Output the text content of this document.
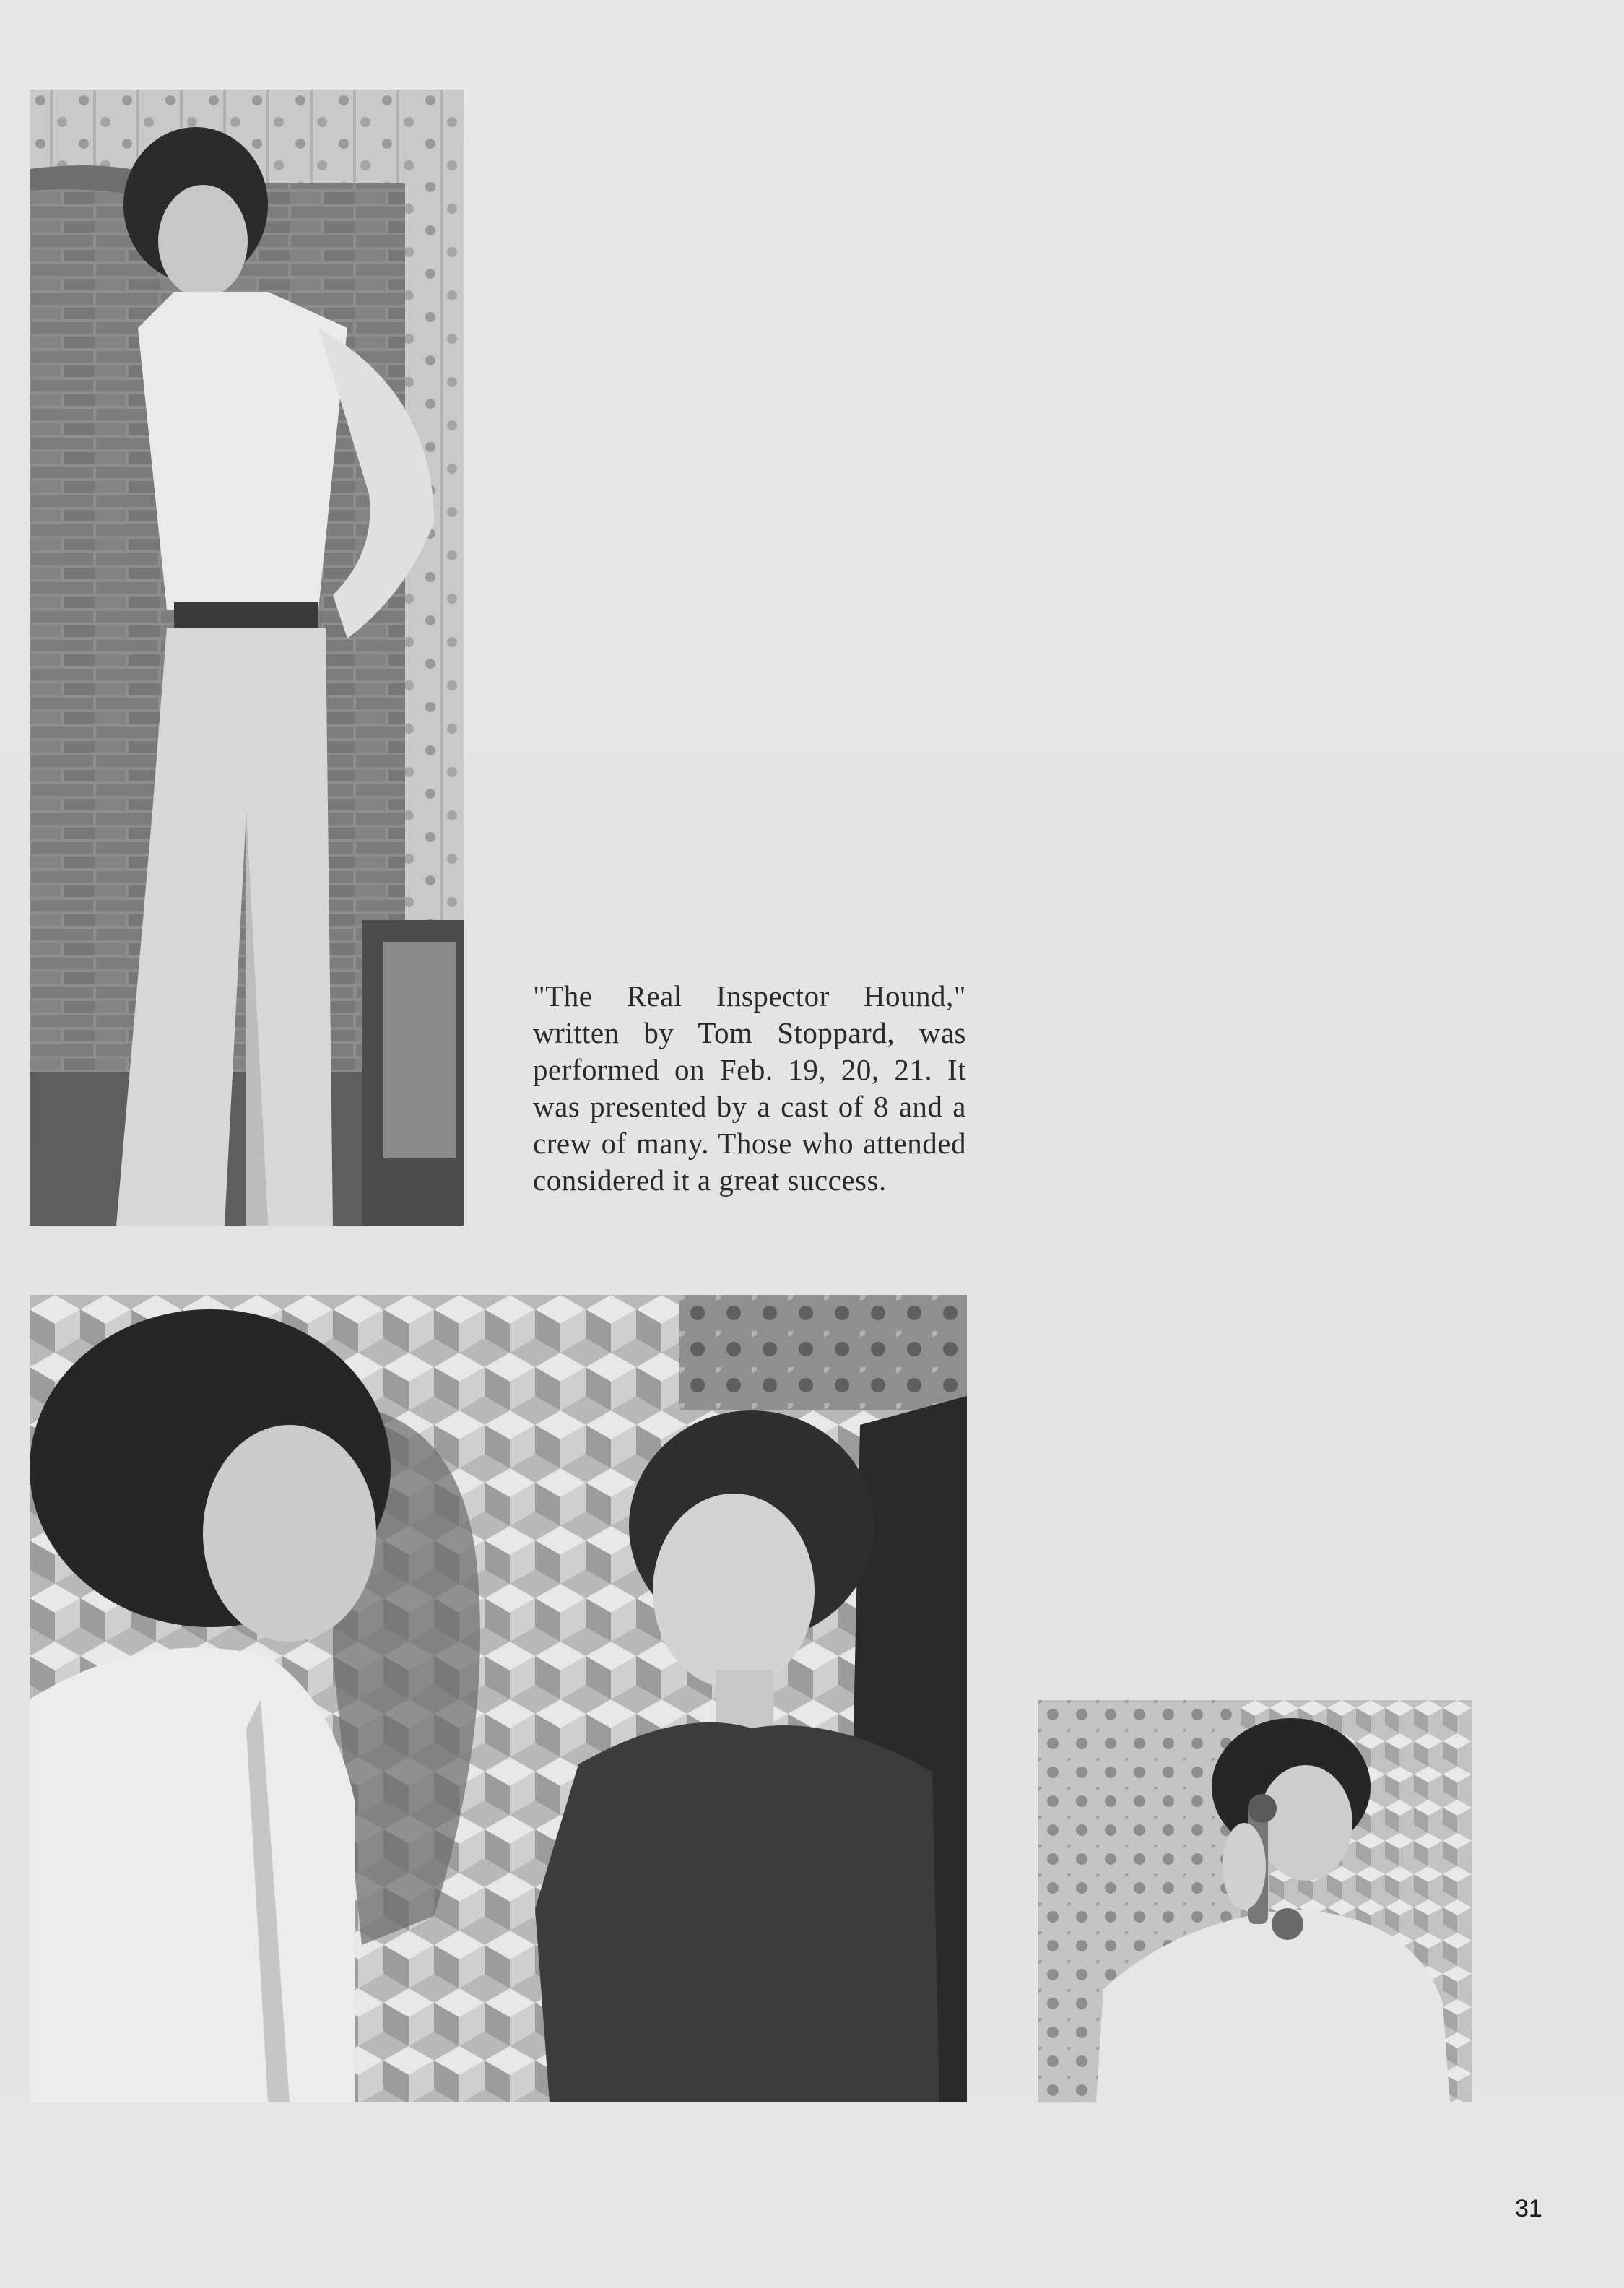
"The Real Inspector Hound," written by Tom Stoppard, was performed on Feb. 19, 20, 21. It was presented by a cast of 8 and a crew of many. Those who attended considered it a great success.

31
